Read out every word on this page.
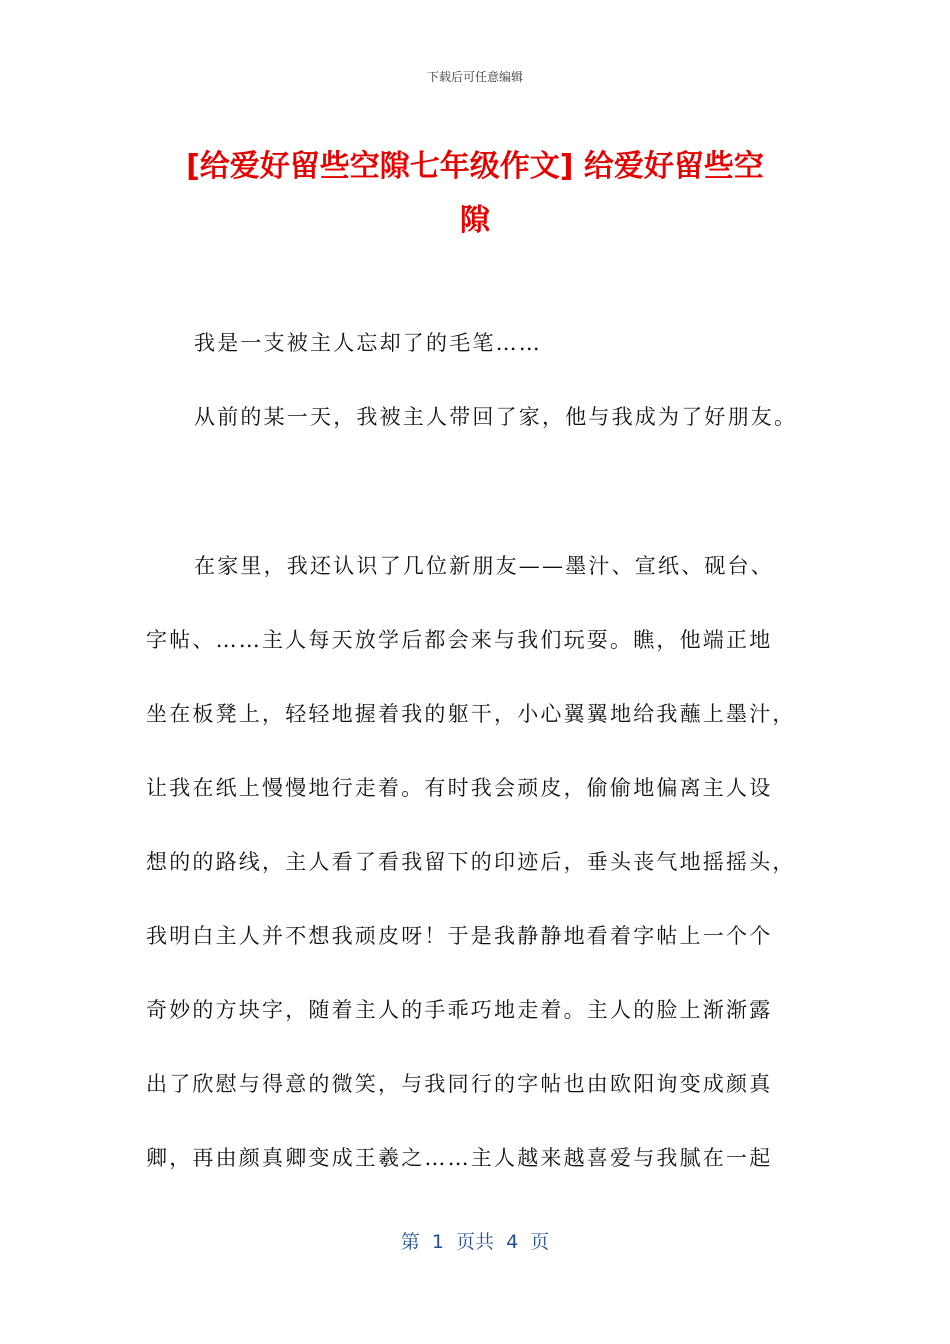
下载后可任意编辑
[给爱好留些空隙七年级作文] 给爱好留些空
隙
我是一支被主人忘却了的毛笔……
从前的某一天，我被主人带回了家，他与我成为了好朋友。
在家里，我还认识了几位新朋友——墨汁、宣纸、砚台、
字帖、……主人每天放学后都会来与我们玩耍。瞧，他端正地
坐在板凳上，轻轻地握着我的躯干，小心翼翼地给我蘸上墨汁，
让我在纸上慢慢地行走着。有时我会顽皮，偷偷地偏离主人设
想的的路线，主人看了看我留下的印迹后，垂头丧气地摇摇头，
我明白主人并不想我顽皮呀！于是我静静地看着字帖上一个个
奇妙的方块字，随着主人的手乖巧地走着。主人的脸上渐渐露
出了欣慰与得意的微笑，与我同行的字帖也由欧阳询变成颜真
卿，再由颜真卿变成王羲之……主人越来越喜爱与我腻在一起
第  1  页共  4  页
